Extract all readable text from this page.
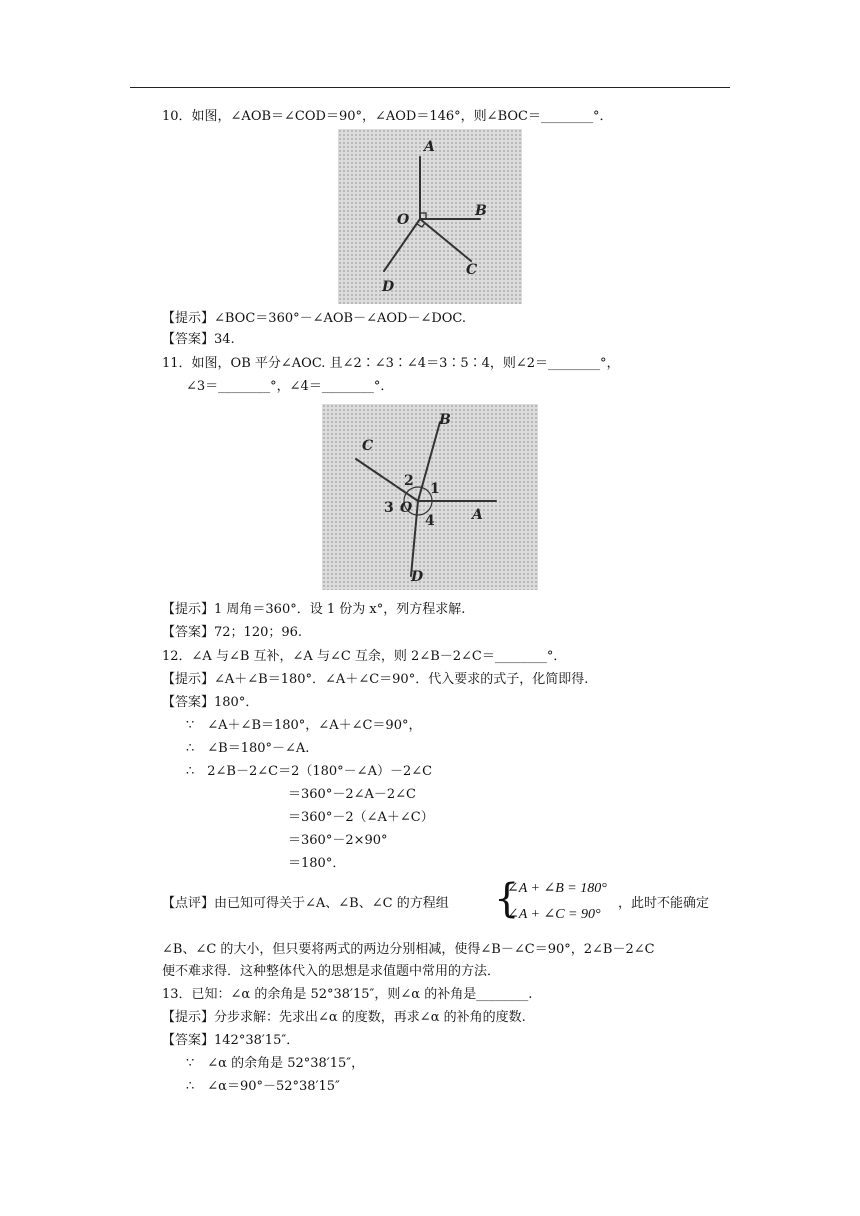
10．如图，∠AOB＝∠COD＝90°，∠AOD＝146°，则∠BOC＝________°．
A
B
C
D
O
【提示】∠BOC＝360°－∠AOB－∠AOD－∠DOC.
【答案】34.
11．如图，OB 平分∠AOC. 且∠2∶∠3∶∠4＝3∶5∶4，则∠2＝________°，
∠3＝________°，∠4＝________°．
A
B
C
D
O
1
2
3
4
【提示】1 周角＝360°．设 1 份为 x°，列方程求解.
【答案】72；120；96.
12．∠A 与∠B 互补，∠A 与∠C 互余，则 2∠B－2∠C＝________°．
【提示】∠A＋∠B＝180°．∠A＋∠C＝90°．代入要求的式子，化简即得.
【答案】180°．
∵　∠A＋∠B＝180°，∠A＋∠C＝90°，
∴　∠B＝180°－∠A.
∴　2∠B－2∠C＝2（180°－∠A）－2∠C
＝360°－2∠A－2∠C
＝360°－2（∠A＋∠C）
＝360°－2×90°
＝180°．
【点评】由已知可得关于∠A、∠B、∠C 的方程组 {
∠A + ∠B = 180°
∠A + ∠C = 90°
，此时不能确定
∠B、∠C 的大小，但只要将两式的两边分别相减，使得∠B－∠C＝90°，2∠B－2∠C
便不难求得．这种整体代入的思想是求值题中常用的方法．
13．已知：∠α 的余角是 52°38′15″，则∠α 的补角是________.
【提示】分步求解：先求出∠α 的度数，再求∠α 的补角的度数.
【答案】142°38′15″．
∵　∠α 的余角是 52°38′15″，
∴　∠α＝90°－52°38′15″
